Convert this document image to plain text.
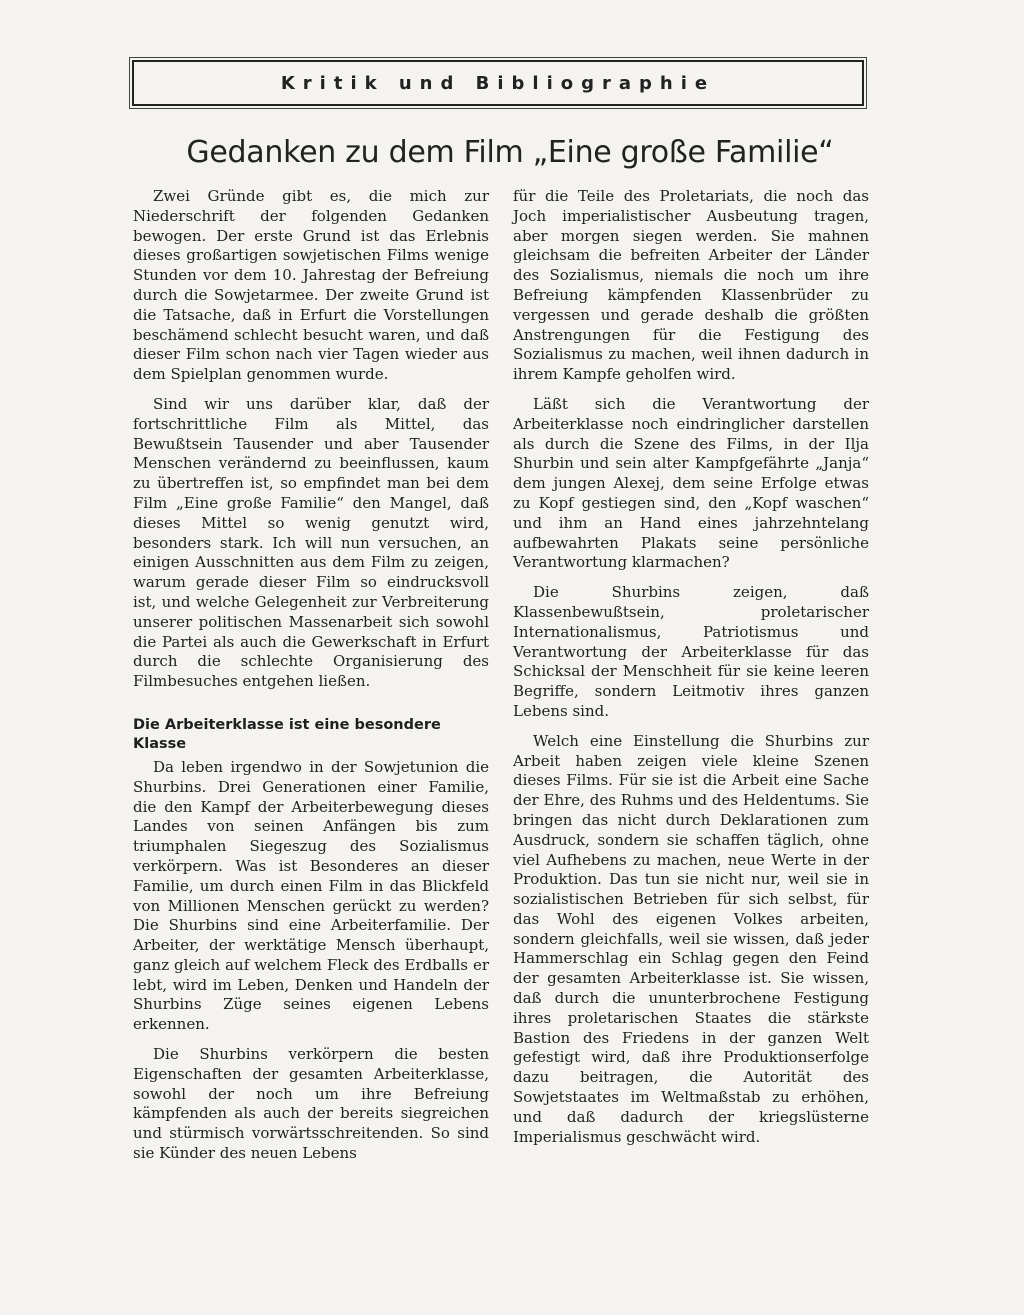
Kritik und Bibliographie
Gedanken zu dem Film „Eine große Familie“

Zwei Gründe gibt es, die mich zur Niederschrift der folgenden Gedanken bewogen. Der erste Grund ist das Erlebnis dieses großartigen sowjetischen Films wenige Stunden vor dem 10. Jahrestag der Befreiung durch die Sowjetarmee. Der zweite Grund ist die Tatsache, daß in Erfurt die Vorstellungen beschämend schlecht besucht waren, und daß dieser Film schon nach vier Tagen wieder aus dem Spielplan genommen wurde.

Sind wir uns darüber klar, daß der fortschrittliche Film als Mittel, das Bewußtsein Tausender und aber Tausender Menschen verändernd zu beeinflussen, kaum zu übertreffen ist, so empfindet man bei dem Film „Eine große Familie“ den Mangel, daß dieses Mittel so wenig genutzt wird, besonders stark. Ich will nun versuchen, an einigen Ausschnitten aus dem Film zu zeigen, warum gerade dieser Film so eindrucksvoll ist, und welche Gelegenheit zur Verbreiterung unserer politischen Massenarbeit sich sowohl die Partei als auch die Gewerkschaft in Erfurt durch die schlechte Organisierung des Filmbesuches entgehen ließen.

Die Arbeiterklasse ist eine besondere Klasse

Da leben irgendwo in der Sowjetunion die Shurbins. Drei Generationen einer Familie, die den Kampf der Arbeiterbewegung dieses Landes von seinen Anfängen bis zum triumphalen Siegeszug des Sozialismus verkörpern. Was ist Besonderes an dieser Familie, um durch einen Film in das Blickfeld von Millionen Menschen gerückt zu werden? Die Shurbins sind eine Arbeiterfamilie. Der Arbeiter, der werktätige Mensch überhaupt, ganz gleich auf welchem Fleck des Erdballs er lebt, wird im Leben, Denken und Handeln der Shurbins Züge seines eigenen Lebens erkennen.

Die Shurbins verkörpern die besten Eigenschaften der gesamten Arbeiterklasse, sowohl der noch um ihre Befreiung kämpfenden als auch der bereits siegreichen und stürmisch vorwärtsschreitenden. So sind sie Künder des neuen Lebens

für die Teile des Proletariats, die noch das Joch imperialistischer Ausbeutung tragen, aber morgen siegen werden. Sie mahnen gleichsam die befreiten Arbeiter der Länder des Sozialismus, niemals die noch um ihre Befreiung kämpfenden Klassenbrüder zu vergessen und gerade deshalb die größten Anstrengungen für die Festigung des Sozialismus zu machen, weil ihnen dadurch in ihrem Kampfe geholfen wird.

Läßt sich die Verantwortung der Arbeiterklasse noch eindringlicher darstellen als durch die Szene des Films, in der Ilja Shurbin und sein alter Kampfgefährte „Janja“ dem jungen Alexej, dem seine Erfolge etwas zu Kopf gestiegen sind, den „Kopf waschen“ und ihm an Hand eines jahrzehntelang aufbewahrten Plakats seine persönliche Verantwortung klarmachen?

Die Shurbins zeigen, daß Klassenbewußtsein, proletarischer Internationalismus, Patriotismus und Verantwortung der Arbeiterklasse für das Schicksal der Menschheit für sie keine leeren Begriffe, sondern Leitmotiv ihres ganzen Lebens sind.

Welch eine Einstellung die Shurbins zur Arbeit haben zeigen viele kleine Szenen dieses Films. Für sie ist die Arbeit eine Sache der Ehre, des Ruhms und des Heldentums. Sie bringen das nicht durch Deklarationen zum Ausdruck, sondern sie schaffen täglich, ohne viel Aufhebens zu machen, neue Werte in der Produktion. Das tun sie nicht nur, weil sie in sozialistischen Betrieben für sich selbst, für das Wohl des eigenen Volkes arbeiten, sondern gleichfalls, weil sie wissen, daß jeder Hammerschlag ein Schlag gegen den Feind der gesamten Arbeiterklasse ist. Sie wissen, daß durch die ununterbrochene Festigung ihres proletarischen Staates die stärkste Bastion des Friedens in der ganzen Welt gefestigt wird, daß ihre Produktionserfolge dazu beitragen, die Autorität des Sowjetstaates im Weltmaßstab zu erhöhen, und daß dadurch der kriegslüsterne Imperialismus geschwächt wird.
